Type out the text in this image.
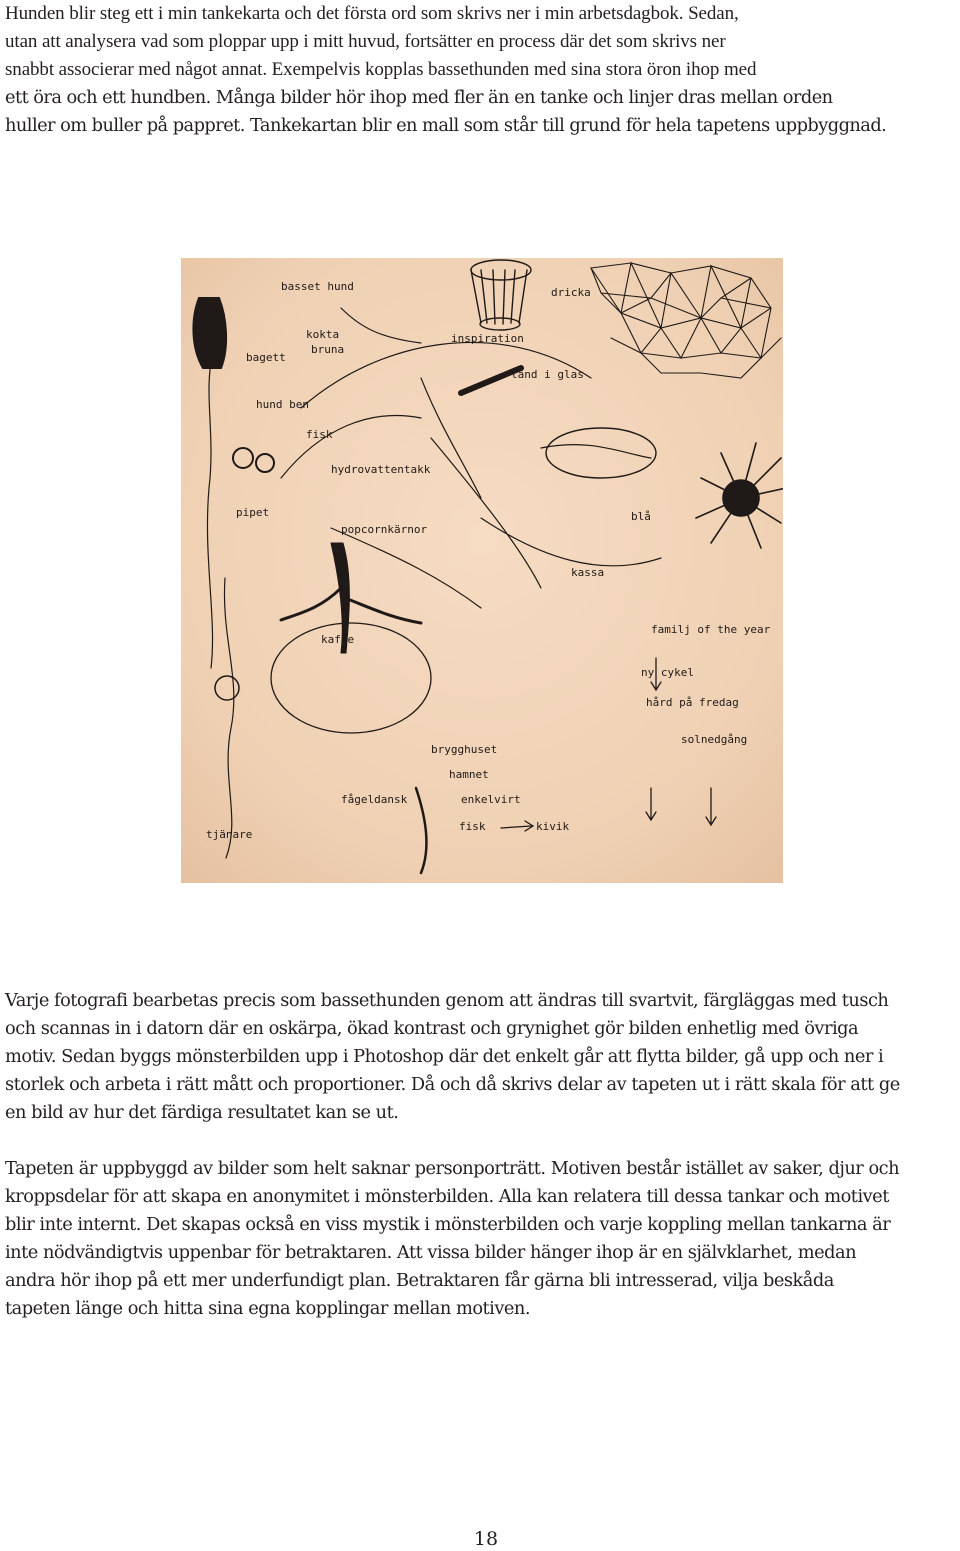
Hunden blir steg ett i min tankekarta och det första ord som skrivs ner i min arbetsdagbok. Sedan,
utan att analysera vad som ploppar upp i mitt huvud, fortsätter en process där det som skrivs ner
snabbt associerar med något annat. Exempelvis kopplas bassethunden med sina stora öron ihop med
ett öra och ett hundben. Många bilder hör ihop med fler än en tanke och linjer dras mellan orden
huller om buller på pappret. Tankekartan blir en mall som står till grund för hela tapetens uppbyggnad.
basset hund
hund ben
bagett
kokta
bruna
pipet
fisk
dricka
inspiration
tänd i glas
hydrovattentakk
popcornkärnor
familj of the year
ny cykel
hård på fredag
solnedgång
brygghuset
hamnet
enkelvirt
fisk
kaffe
kivik
kassa
blå
fågeldansk
tjänare
Varje fotografi bearbetas precis som bassethunden genom att ändras till svartvit, färgläggas med tusch
och scannas in i datorn där en oskärpa, ökad kontrast och grynighet gör bilden enhetlig med övriga
motiv. Sedan byggs mönsterbilden upp i Photoshop där det enkelt går att flytta bilder, gå upp och ner i
storlek och arbeta i rätt mått och proportioner. Då och då skrivs delar av tapeten ut i rätt skala för att ge
en bild av hur det färdiga resultatet kan se ut.
Tapeten är uppbyggd av bilder som helt saknar personporträtt. Motiven består istället av saker, djur och
kroppsdelar för att skapa en anonymitet i mönsterbilden. Alla kan relatera till dessa tankar och motivet
blir inte internt. Det skapas också en viss mystik i mönsterbilden och varje koppling mellan tankarna är
inte nödvändigtvis uppenbar för betraktaren. Att vissa bilder hänger ihop är en självklarhet, medan
andra hör ihop på ett mer underfundigt plan. Betraktaren får gärna bli intresserad, vilja beskåda
tapeten länge och hitta sina egna kopplingar mellan motiven.
18
